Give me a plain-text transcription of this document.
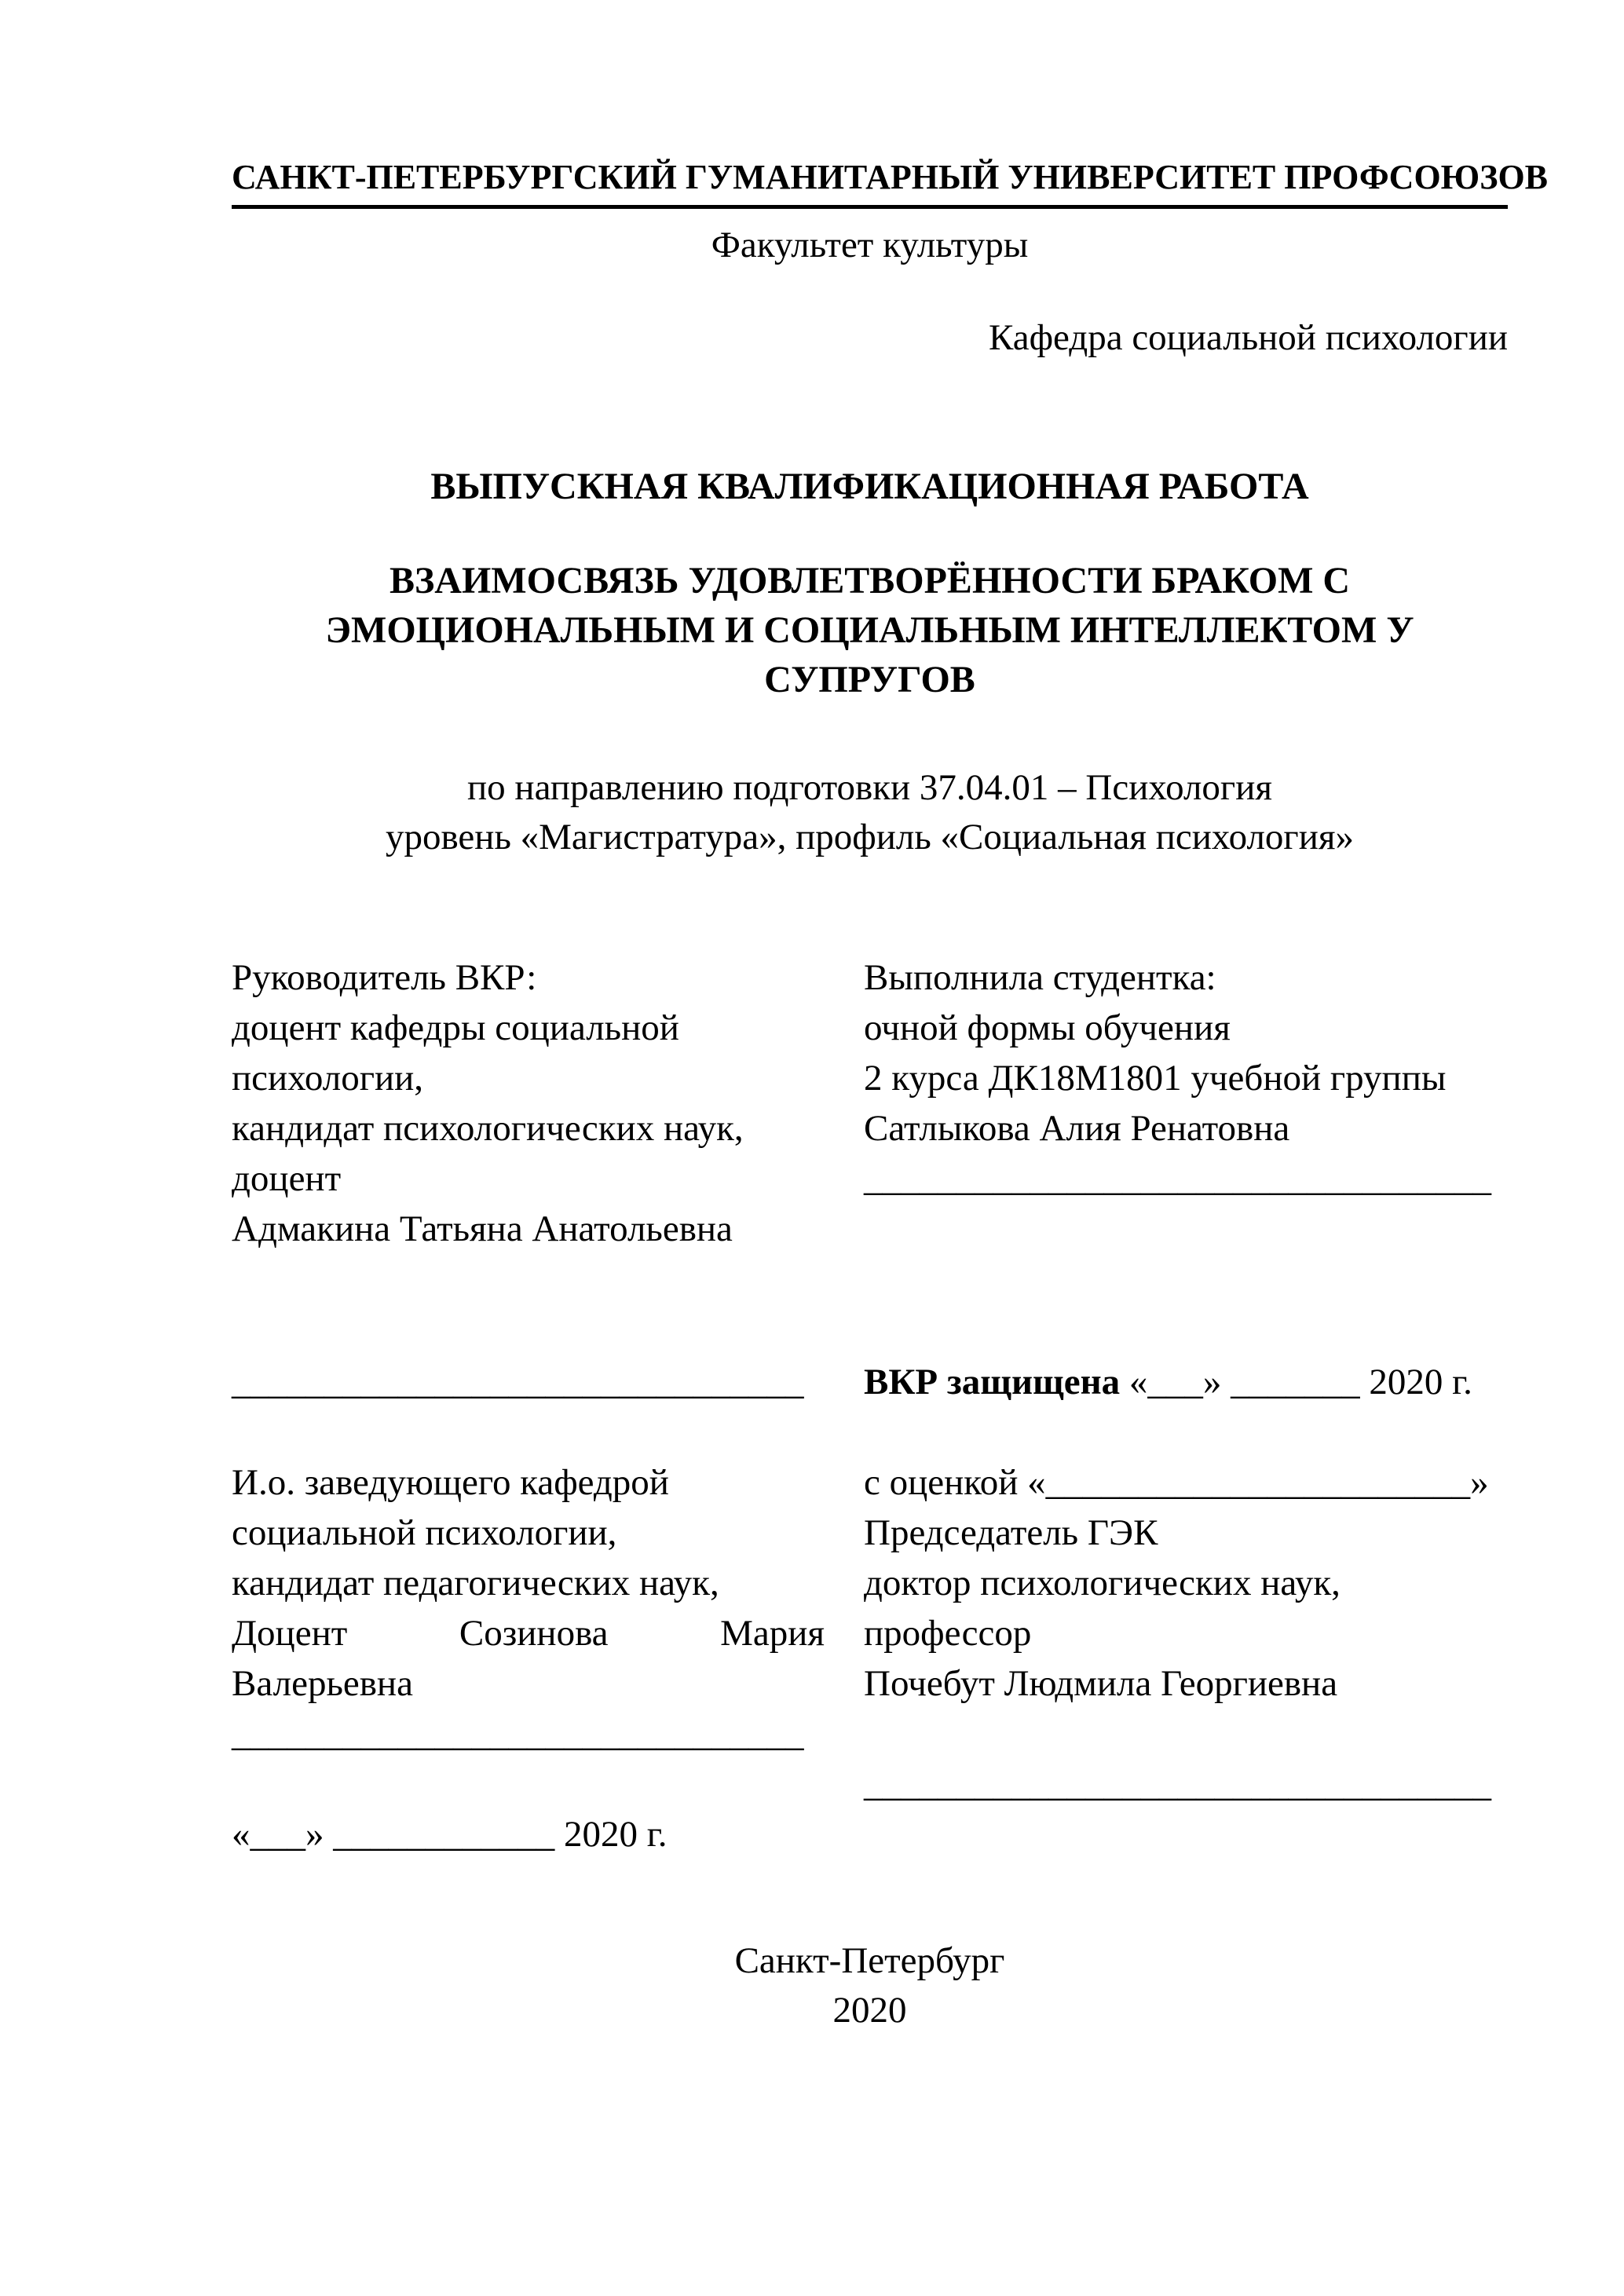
САНКТ-ПЕТЕРБУРГСКИЙ ГУМАНИТАРНЫЙ УНИВЕРСИТЕТ ПРОФСОЮЗОВ
Факультет культуры
Кафедра социальной психологии
ВЫПУСКНАЯ КВАЛИФИКАЦИОННАЯ РАБОТА
ВЗАИМОСВЯЗЬ УДОВЛЕТВОРЁННОСТИ БРАКОМ С
ЭМОЦИОНАЛЬНЫМ И СОЦИАЛЬНЫМ ИНТЕЛЛЕКТОМ У
СУПРУГОВ
по направлению подготовки 37.04.01 – Психология
уровень «Магистратура», профиль «Социальная психология»
Руководитель ВКР:
доцент кафедры социальной
психологии,
кандидат психологических наук,
доцент
Адмакина Татьяна Анатольевна
Выполнила студентка:
очной формы обучения
2 курса ДК18М1801 учебной группы
Сатлыкова Алия Ренатовна
__________________________________
_______________________________	ВКР защищена «___» _______ 2020 г.
И.о. заведующего кафедрой
социальной психологии,
кандидат педагогических наук,
Доцент	Созинова	Мария
Валерьевна
_______________________________
«___» ____________ 2020 г.
с оценкой «_______________________»
Председатель ГЭК
доктор психологических наук,
профессор
Почебут Людмила Георгиевна
__________________________________
Санкт-Петербург
2020
